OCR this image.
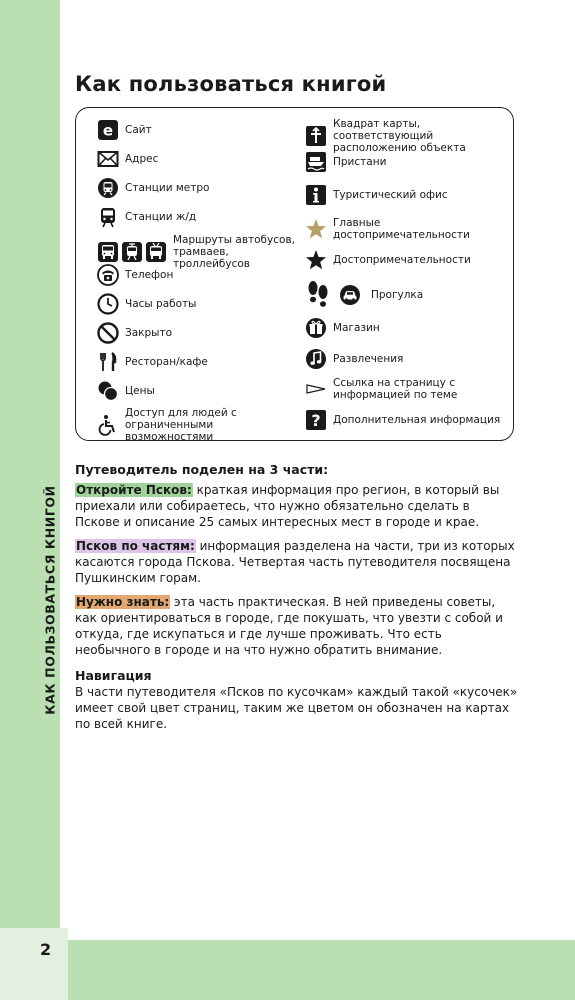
КАК ПОЛЬЗОВАТЬСЯ КНИГОЙ
2
Как пользоваться книгой
e Сайт
Адрес
Станции метро
Станции ж/д
Маршруты автобусов, трамваев, троллейбусов
Телефон
Часы работы
Закрыто
Ресторан/кафе
Цены
Доступ для людей с ограниченными возможностями
Квадрат карты, соответствующий расположению объекта
Пристани
Туристический офис
Главные достопримечательности
Достопримечательности
Прогулка
Магазин
Развлечения
Ссылка на страницу с информацией по теме
? Дополнительная информация
Путеводитель поделен на 3 части:

Откройте Псков: краткая информация про регион, в который вы приехали или собираетесь, что нужно обязательно сделать в Пскове и описание 25 самых интересных мест в городе и крае.

Псков по частям: информация разделена на части, три из которых касаются города Пскова. Четвертая часть путеводителя посвящена Пушкинским горам.

Нужно знать: эта часть практическая. В ней приведены советы, как ориентироваться в городе, где покушать, что увезти с собой и откуда, где искупаться и где лучше проживать. Что есть необычного в городе и на что нужно обратить внимание.

Навигация

В части путеводителя «Псков по кусочкам» каждый такой «кусочек» имеет свой цвет страниц, таким же цветом он обозначен на картах по всей книге.
